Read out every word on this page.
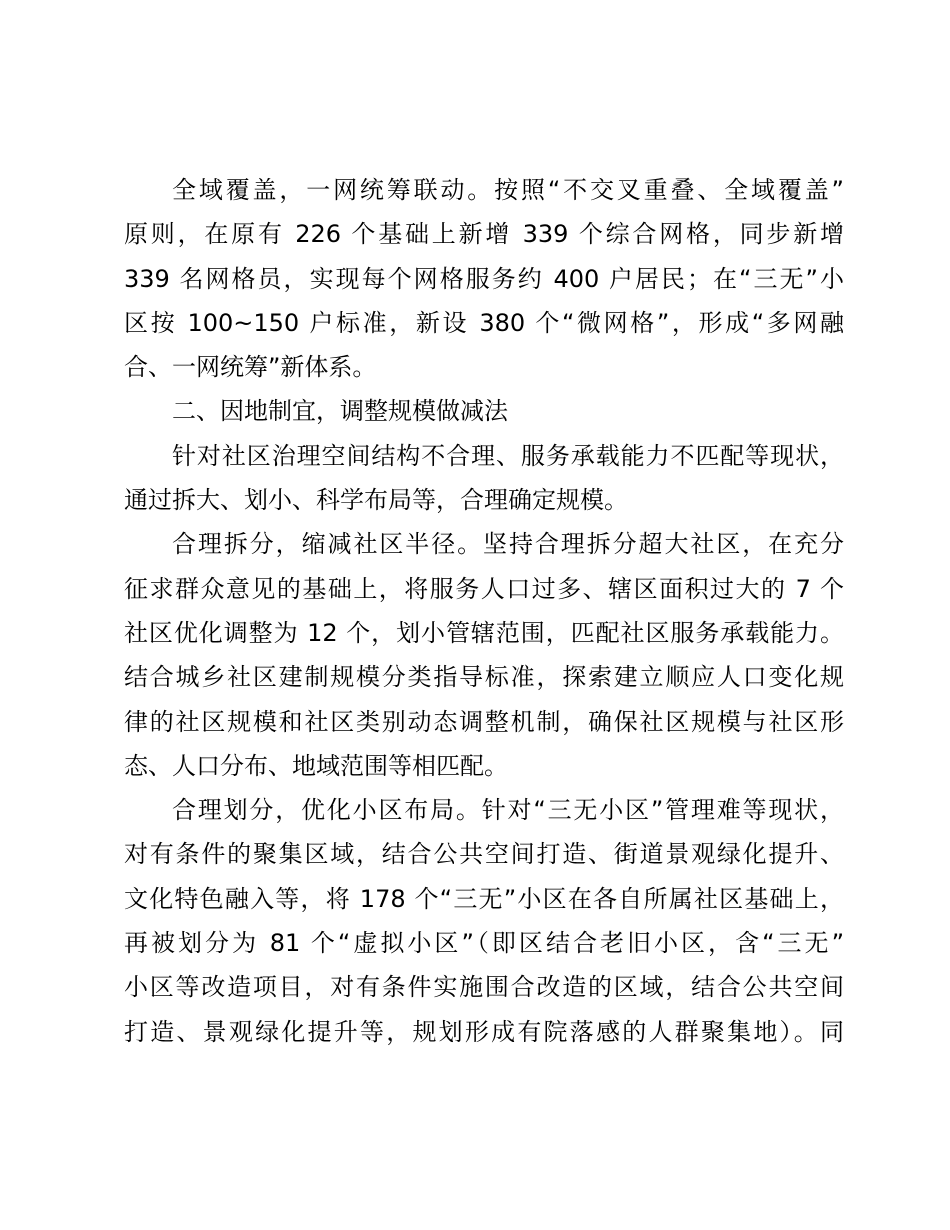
全域覆盖，一网统筹联动。按照“不交叉重叠、全域覆盖”
原则，在原有 226 个基础上新增 339 个综合网格，同步新增
339 名网格员，实现每个网格服务约 400 户居民；在“三无”小
区按 100~150 户标准，新设 380 个“微网格”，形成“多网融
合、一网统筹”新体系。
二、因地制宜，调整规模做减法
针对社区治理空间结构不合理、服务承载能力不匹配等现状，
通过拆大、划小、科学布局等，合理确定规模。
合理拆分，缩减社区半径。坚持合理拆分超大社区，在充分
征求群众意见的基础上，将服务人口过多、辖区面积过大的 7 个
社区优化调整为 12 个，划小管辖范围，匹配社区服务承载能力。
结合城乡社区建制规模分类指导标准，探索建立顺应人口变化规
律的社区规模和社区类别动态调整机制，确保社区规模与社区形
态、人口分布、地域范围等相匹配。
合理划分，优化小区布局。针对“三无小区”管理难等现状，
对有条件的聚集区域，结合公共空间打造、街道景观绿化提升、
文化特色融入等，将 178 个“三无”小区在各自所属社区基础上，
再被划分为 81 个“虚拟小区”（即区结合老旧小区，含“三无”
小区等改造项目，对有条件实施围合改造的区域，结合公共空间
打造、景观绿化提升等，规划形成有院落感的人群聚集地）。同
